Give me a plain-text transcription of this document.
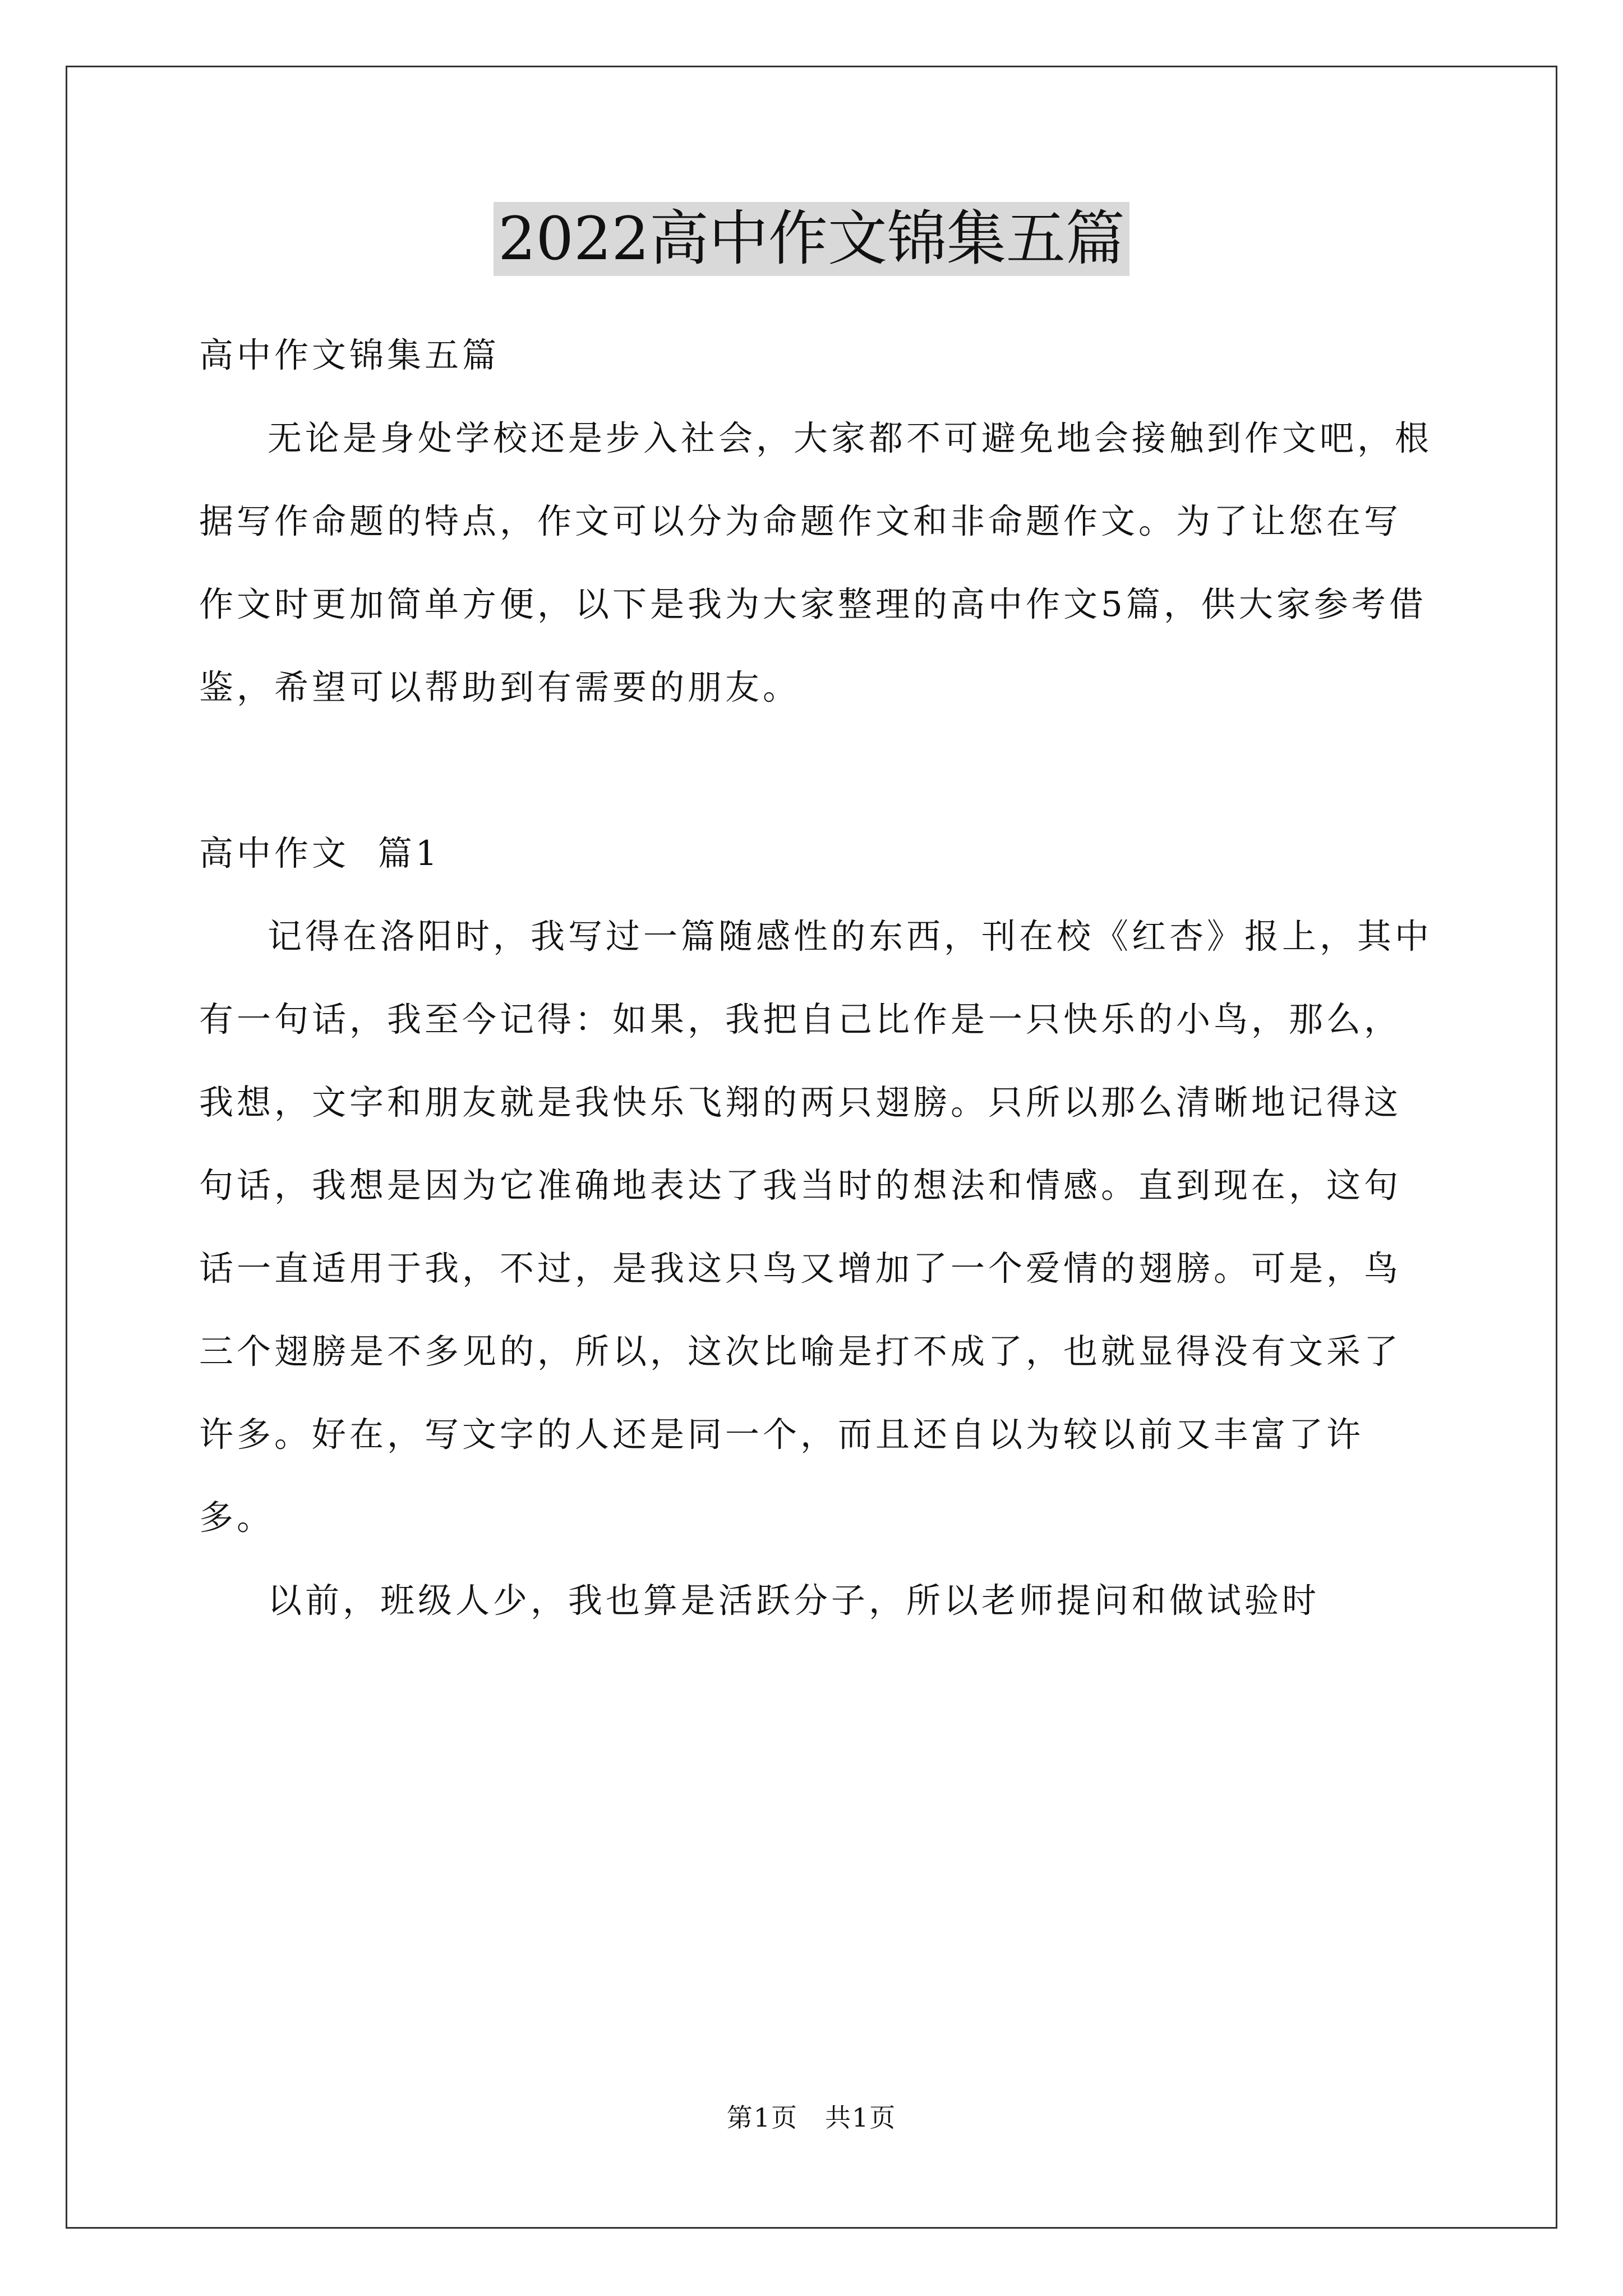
2022高中作文锦集五篇

高中作文锦集五篇

无论是身处学校还是步入社会，大家都不可避免地会接触到作文吧，根据写作命题的特点，作文可以分为命题作文和非命题作文。为了让您在写作文时更加简单方便，以下是我为大家整理的高中作文5篇，供大家参考借鉴，希望可以帮助到有需要的朋友。

高中作文  篇1

记得在洛阳时，我写过一篇随感性的东西，刊在校《红杏》报上，其中有一句话，我至今记得：如果，我把自己比作是一只快乐的小鸟，那么，我想，文字和朋友就是我快乐飞翔的两只翅膀。只所以那么清晰地记得这句话，我想是因为它准确地表达了我当时的想法和情感。直到现在，这句话一直适用于我，不过，是我这只鸟又增加了一个爱情的翅膀。可是，鸟三个翅膀是不多见的，所以，这次比喻是打不成了，也就显得没有文采了许多。好在，写文字的人还是同一个，而且还自以为较以前又丰富了许多。

以前，班级人少，我也算是活跃分子，所以老师提问和做试验时

第1页　共1页
